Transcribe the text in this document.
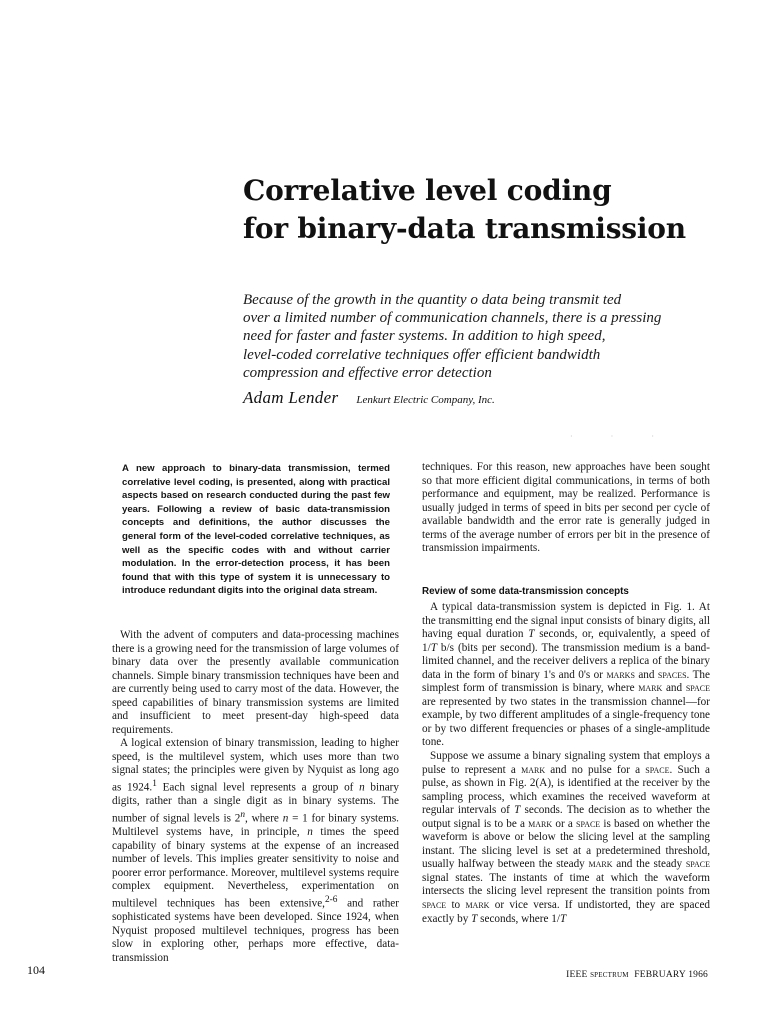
Correlative level coding
for binary-data transmission
Because of the growth in the quantity o data being transmit ted
over a limited number of communication channels, there is a pressing
need for faster and faster systems. In addition to high speed,
level-coded correlative techniques offer efficient bandwidth
compression and effective error detection
Adam Lender Lenkurt Electric Company, Inc.
· · ·

A new approach to binary-data transmission, termed correlative level coding, is presented, along with practical aspects based on research conducted during the past few years. Following a review of basic data-transmission concepts and definitions, the author discusses the general form of the level-coded correlative techniques, as well as the specific codes with and without carrier modulation. In the error-detection process, it has been found that with this type of system it is unnecessary to introduce redundant digits into the original data stream.

With the advent of computers and data-processing machines there is a growing need for the transmission of large volumes of binary data over the presently available communication channels. Simple binary transmission techniques have been and are currently being used to carry most of the data. However, the speed capabilities of binary transmission systems are limited and insufficient to meet present-day high-speed data requirements.

A logical extension of binary transmission, leading to higher speed, is the multilevel system, which uses more than two signal states; the principles were given by Nyquist as long ago as 1924.$^1$ Each signal level represents a group of n binary digits, rather than a single digit as in binary systems. The number of signal levels is 2$^n$, where n = 1 for binary systems. Multilevel systems have, in principle, n times the speed capability of binary systems at the expense of an increased number of levels. This implies greater sensitivity to noise and poorer error performance. Moreover, multilevel systems require complex equipment. Nevertheless, experimentation on multilevel techniques has been extensive,$^{2-6}$ and rather sophisticated systems have been developed. Since 1924, when Nyquist proposed multilevel techniques, progress has been slow in exploring other, perhaps more effective, data-transmission

techniques. For this reason, new approaches have been sought so that more efficient digital communications, in terms of both performance and equipment, may be realized. Performance is usually judged in terms of speed in bits per second per cycle of available bandwidth and the error rate is generally judged in terms of the average number of errors per bit in the presence of transmission impairments.

Review of some data-transmission concepts

A typical data-transmission system is depicted in Fig. 1. At the transmitting end the signal input consists of binary digits, all having equal duration T seconds, or, equivalently, a speed of 1/T b/s (bits per second). The transmission medium is a band-limited channel, and the receiver delivers a replica of the binary data in the form of binary 1's and 0's or marks and spaces. The simplest form of transmission is binary, where mark and space are represented by two states in the transmission channel—for example, by two different amplitudes of a single-frequency tone or by two different frequencies or phases of a single-amplitude tone.

Suppose we assume a binary signaling system that employs a pulse to represent a mark and no pulse for a space. Such a pulse, as shown in Fig. 2(A), is identified at the receiver by the sampling process, which examines the received waveform at regular intervals of T seconds. The decision as to whether the output signal is to be a mark or a space is based on whether the waveform is above or below the slicing level at the sampling instant. The slicing level is set at a predetermined threshold, usually halfway between the steady mark and the steady space signal states. The instants of time at which the waveform intersects the slicing level represent the transition points from space to mark or vice versa. If undistorted, they are spaced exactly by T seconds, where 1/T

104	IEEE spectrum FEBRUARY 1966
